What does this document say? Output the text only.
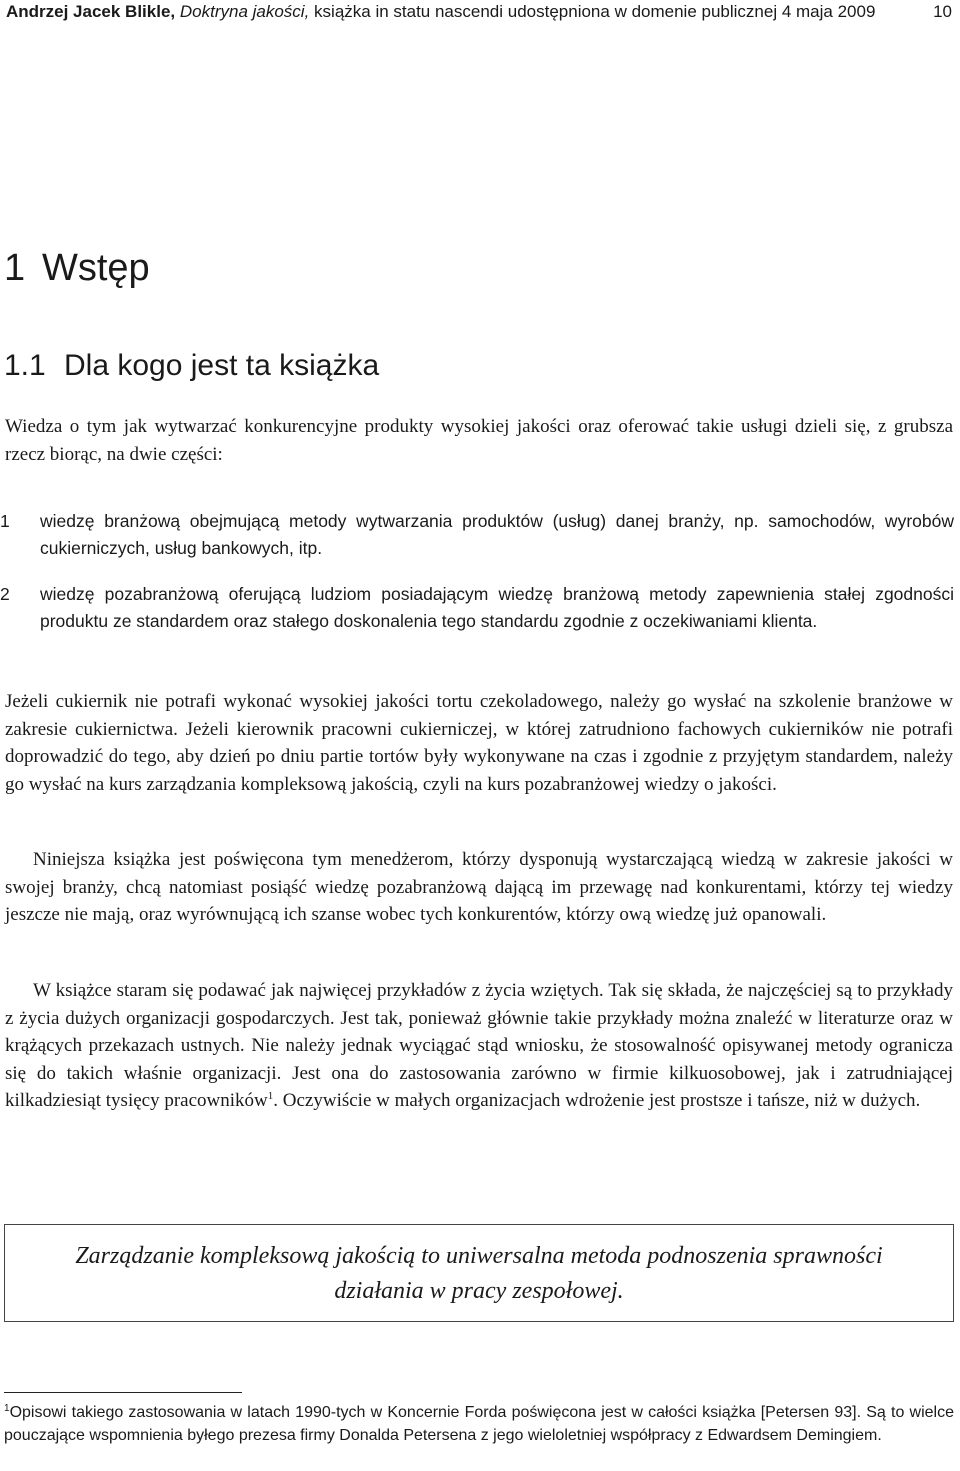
Andrzej Jacek Blikle, Doktryna jakości, książka in statu nascendi udostępniona w domenie publicznej 4 maja 2009	10
1 Wstęp
1.1 Dla kogo jest ta książka

Wiedza o tym jak wytwarzać konkurencyjne produkty wysokiej jakości oraz oferować takie usługi dzieli się, z grubsza rzecz biorąc, na dwie części:

1	wiedzę branżową obejmującą metody wytwarzania produktów (usług) danej branży, np. samochodów, wyrobów cukierniczych, usług bankowych, itp.
2	wiedzę pozabranżową oferującą ludziom posiadającym wiedzę branżową metody zapewnienia stałej zgodności produktu ze standardem oraz stałego doskonalenia tego standardu zgodnie z oczekiwaniami klienta.

Jeżeli cukiernik nie potrafi wykonać wysokiej jakości tortu czekoladowego, należy go wysłać na szkolenie branżowe w zakresie cukiernictwa. Jeżeli kierownik pracowni cukierniczej, w której zatrudniono fachowych cukierników nie potrafi doprowadzić do tego, aby dzień po dniu partie tortów były wykonywane na czas i zgodnie z przyjętym standardem, należy go wysłać na kurs zarządzania kompleksową jakością, czyli na kurs pozabranżowej wiedzy o jakości.

Niniejsza książka jest poświęcona tym menedżerom, którzy dysponują wystarczającą wiedzą w zakresie jakości w swojej branży, chcą natomiast posiąść wiedzę pozabranżową dającą im przewagę nad konkurentami, którzy tej wiedzy jeszcze nie mają, oraz wyrównującą ich szanse wobec tych konkurentów, którzy ową wiedzę już opanowali.

W książce staram się podawać jak najwięcej przykładów z życia wziętych. Tak się składa, że najczęściej są to przykłady z życia dużych organizacji gospodarczych. Jest tak, ponieważ głównie takie przykłady można znaleźć w literaturze oraz w krążących przekazach ustnych. Nie należy jednak wyciągać stąd wniosku, że stosowalność opisywanej metody ogranicza się do takich właśnie organizacji. Jest ona do zastosowania zarówno w firmie kilkuosobowej, jak i zatrudniającej kilkadziesiąt tysięcy pracowników$^1$. Oczywiście w małych organizacjach wdrożenie jest prostsze i tańsze, niż w dużych.

Zarządzanie kompleksową jakością to uniwersalna metoda podnoszenia sprawności działania w pracy zespołowej.
$^1$Opisowi takiego zastosowania w latach 1990-tych w Koncernie Forda poświęcona jest w całości książka [Petersen 93]. Są to wielce pouczające wspomnienia byłego prezesa firmy Donalda Petersena z jego wieloletniej współpracy z Edwardsem Demingiem.
